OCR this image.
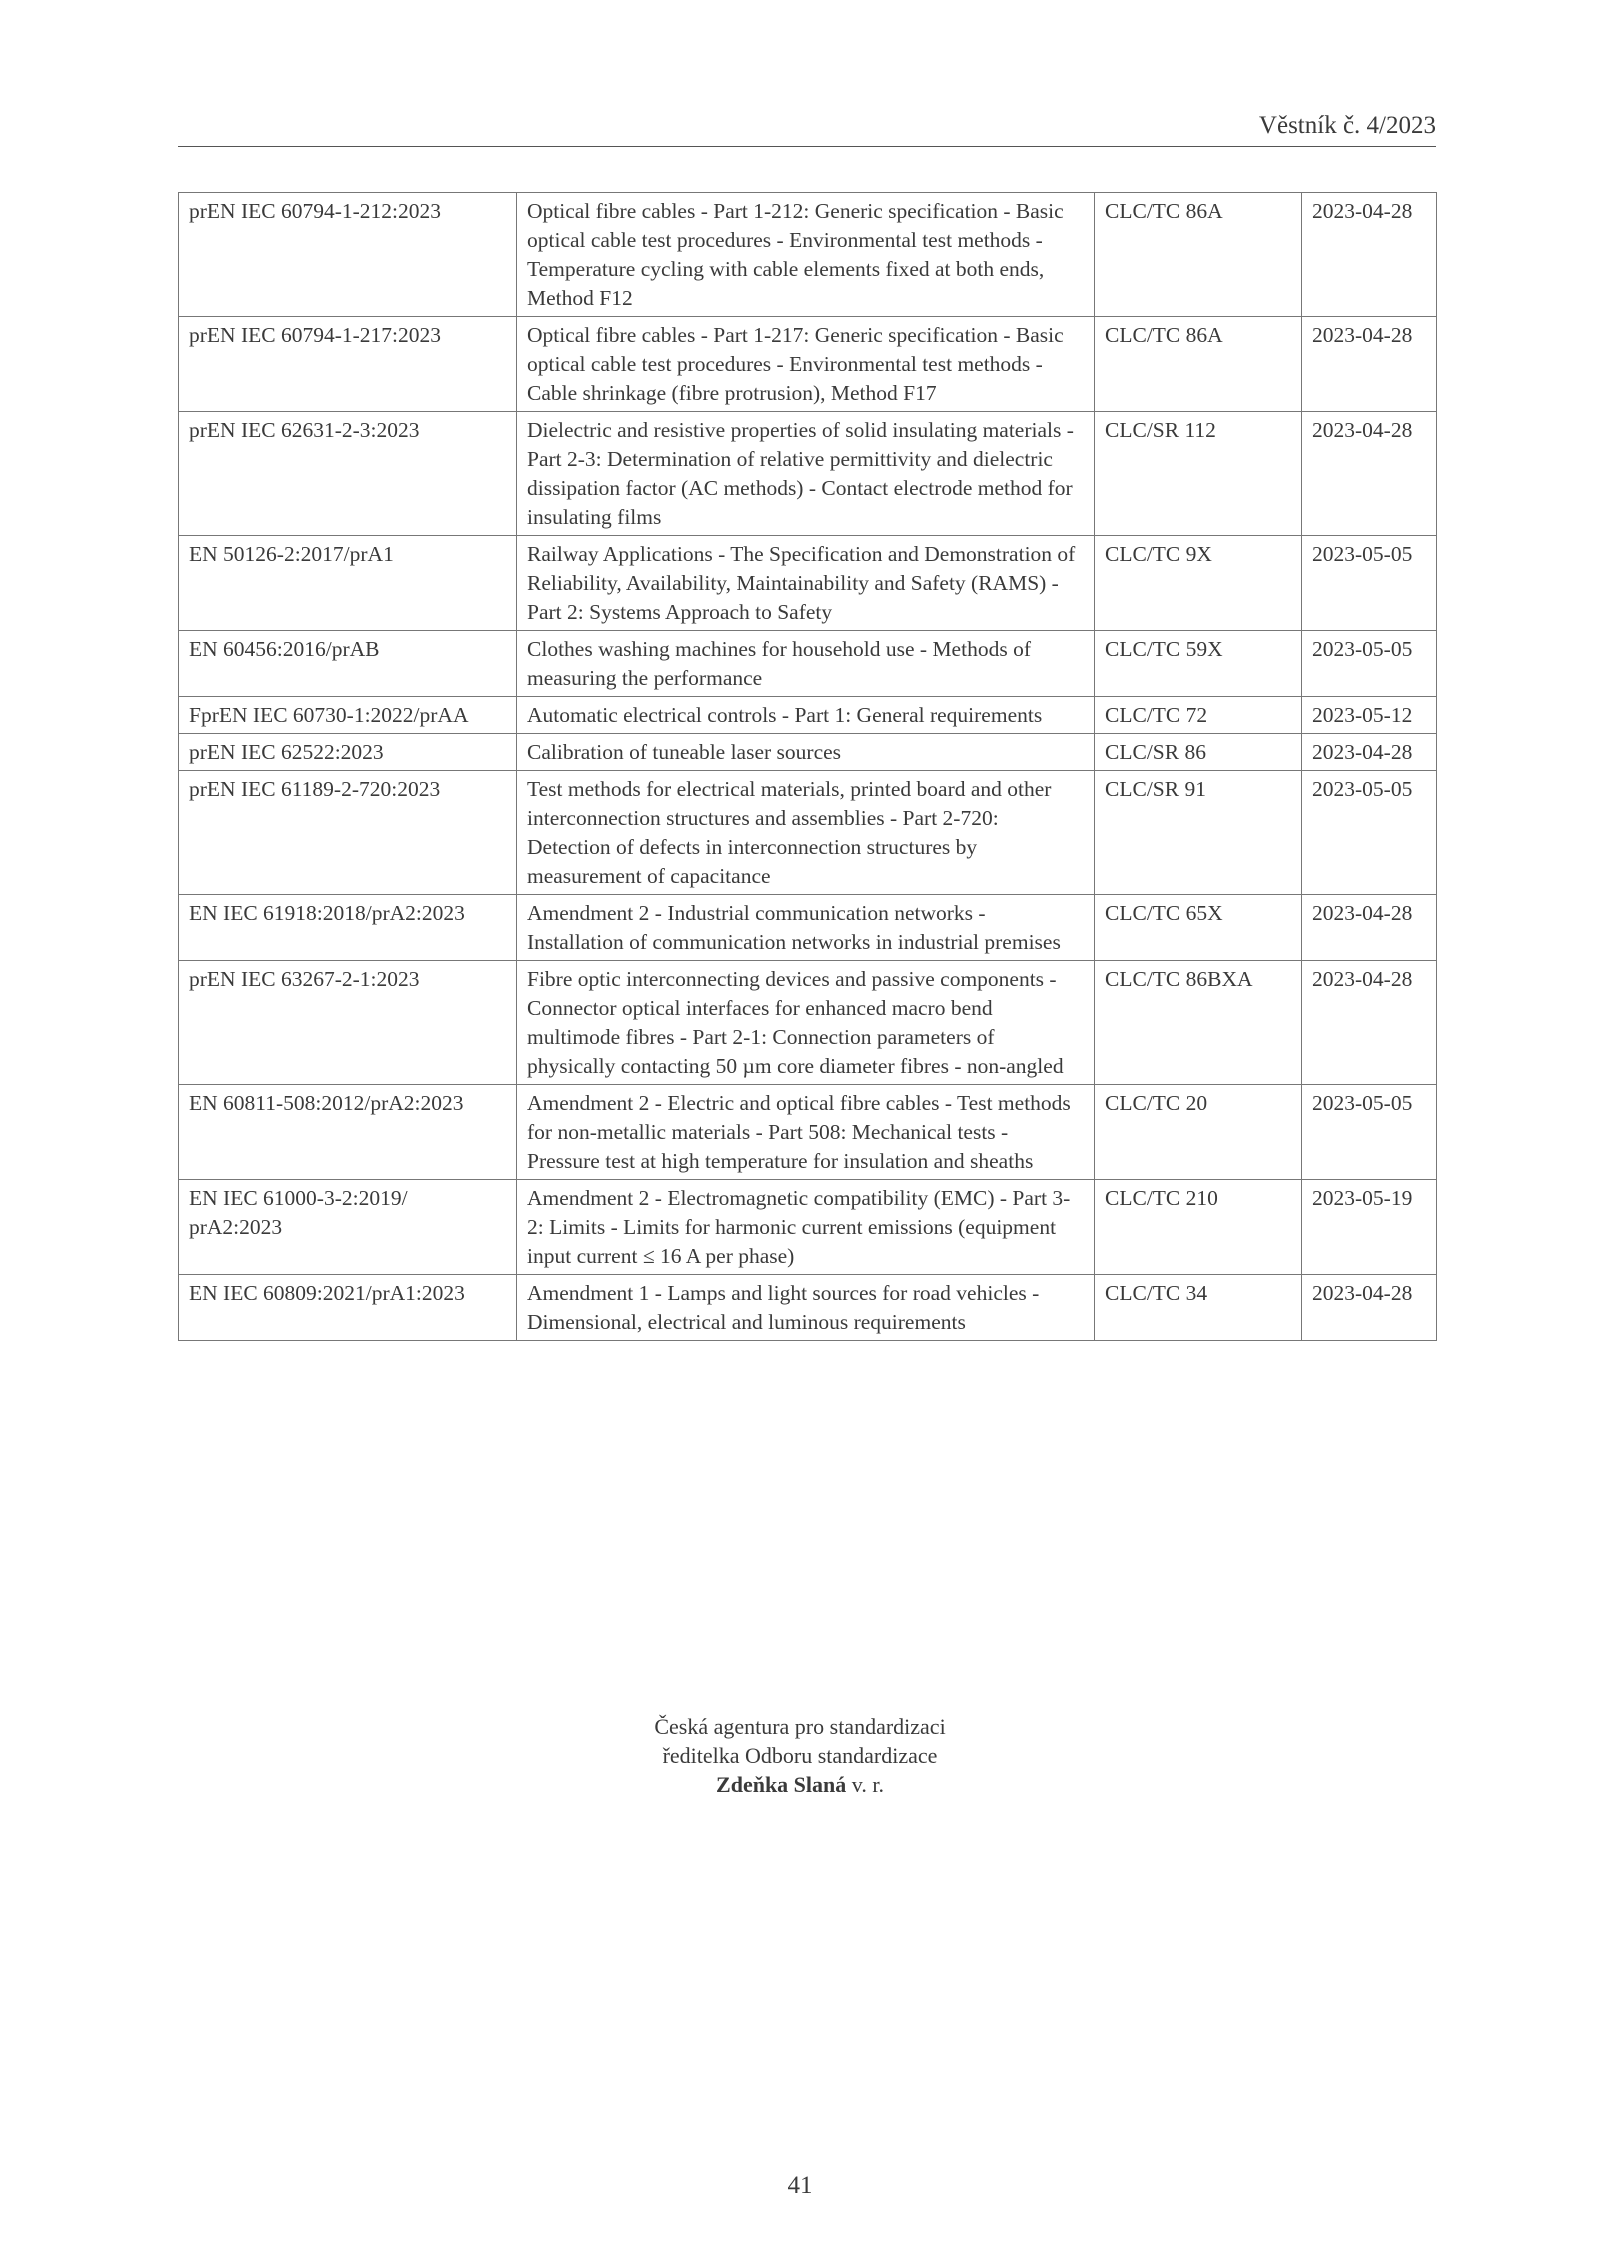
Věstník č. 4/2023
prEN IEC 60794-1-212:2023	Optical fibre cables - Part 1-212: Generic specification - Basic optical cable test procedures - Environmental test methods - Temperature cycling with cable elements fixed at both ends, Method F12	CLC/TC 86A	2023-04-28
prEN IEC 60794-1-217:2023	Optical fibre cables - Part 1-217: Generic specification - Basic optical cable test procedures - Environmental test methods - Cable shrinkage (fibre protrusion), Method F17	CLC/TC 86A	2023-04-28
prEN IEC 62631-2-3:2023	Dielectric and resistive properties of solid insulating materials - Part 2-3: Determination of relative permittivity and dielectric dissipation factor (AC methods) - Contact electrode method for insulating films	CLC/SR 112	2023-04-28
EN 50126-2:2017/prA1	Railway Applications - The Specification and Demonstration of Reliability, Availability, Maintainability and Safety (RAMS) - Part 2: Systems Approach to Safety	CLC/TC 9X	2023-05-05
EN 60456:2016/prAB	Clothes washing machines for household use - Methods of measuring the performance	CLC/TC 59X	2023-05-05
FprEN IEC 60730-1:2022/prAA	Automatic electrical controls - Part 1: General requirements	CLC/TC 72	2023-05-12
prEN IEC 62522:2023	Calibration of tuneable laser sources	CLC/SR 86	2023-04-28
prEN IEC 61189-2-720:2023	Test methods for electrical materials, printed board and other interconnection structures and assemblies - Part 2-720: Detection of defects in interconnection structures by measurement of capacitance	CLC/SR 91	2023-05-05
EN IEC 61918:2018/prA2:2023	Amendment 2 - Industrial communication networks - Installation of communication networks in industrial premises	CLC/TC 65X	2023-04-28
prEN IEC 63267-2-1:2023	Fibre optic interconnecting devices and passive components - Connector optical interfaces for enhanced macro bend multimode fibres - Part 2-1: Connection parameters of physically contacting 50 µm core diameter fibres - non-angled	CLC/TC 86BXA	2023-04-28
EN 60811-508:2012/prA2:2023	Amendment 2 - Electric and optical fibre cables - Test methods for non-metallic materials - Part 508: Mechanical tests - Pressure test at high temperature for insulation and sheaths	CLC/TC 20	2023-05-05
EN IEC 61000-3-2:2019/ prA2:2023	Amendment 2 - Electromagnetic compatibility (EMC) - Part 3-2: Limits - Limits for harmonic current emissions (equipment input current ≤ 16 A per phase)	CLC/TC 210	2023-05-19
EN IEC 60809:2021/prA1:2023	Amendment 1 - Lamps and light sources for road vehicles - Dimensional, electrical and luminous requirements	CLC/TC 34	2023-04-28
Česká agentura pro standardizaci
ředitelka Odboru standardizace
Zdeňka Slaná v. r.
41
